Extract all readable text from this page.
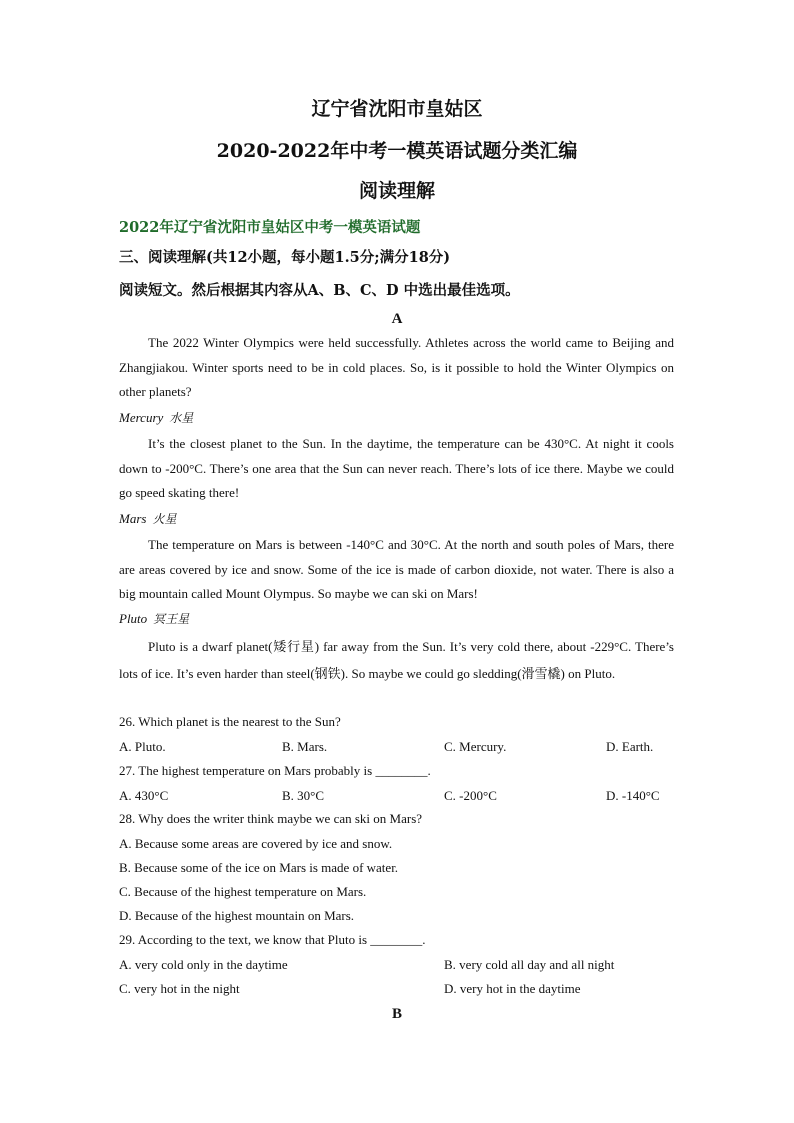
辽宁省沈阳市皇姑区
2020-2022年中考一模英语试题分类汇编
阅读理解
2022年辽宁省沈阳市皇姑区中考一模英语试题
三、阅读理解(共12小题，每小题1.5分;满分18分)
阅读短文。然后根据其内容从A、B、C、D 中选出最佳选项。
A
The 2022 Winter Olympics were held successfully. Athletes across the world came to Beijing and Zhangjiakou. Winter sports need to be in cold places. So, is it possible to hold the Winter Olympics on other planets?
Mercury 水星
It’s the closest planet to the Sun. In the daytime, the temperature can be 430°C. At night it cools down to -200°C. There’s one area that the Sun can never reach. There’s lots of ice there. Maybe we could go speed skating there!
Mars 火星
The temperature on Mars is between -140°C and 30°C. At the north and south poles of Mars, there are areas covered by ice and snow. Some of the ice is made of carbon dioxide, not water. There is also a big mountain called Mount Olympus. So maybe we can ski on Mars!
Pluto 冥王星
Pluto is a dwarf planet(矮行星) far away from the Sun. It’s very cold there, about -229°C. There’s lots of ice. It’s even harder than steel(钢铁). So maybe we could go sledding(滑雪橇) on Pluto.
26. Which planet is the nearest to the Sun?
A. Pluto.	B. Mars.	C. Mercury.	D. Earth.
27. The highest temperature on Mars probably is ________.
A. 430°C	B. 30°C	C. -200°C	D. -140°C
28. Why does the writer think maybe we can ski on Mars?
A. Because some areas are covered by ice and snow.
B. Because some of the ice on Mars is made of water.
C. Because of the highest temperature on Mars.
D. Because of the highest mountain on Mars.
29. According to the text, we know that Pluto is ________.
A. very cold only in the daytime	B. very cold all day and all night
C. very hot in the night	D. very hot in the daytime
B
